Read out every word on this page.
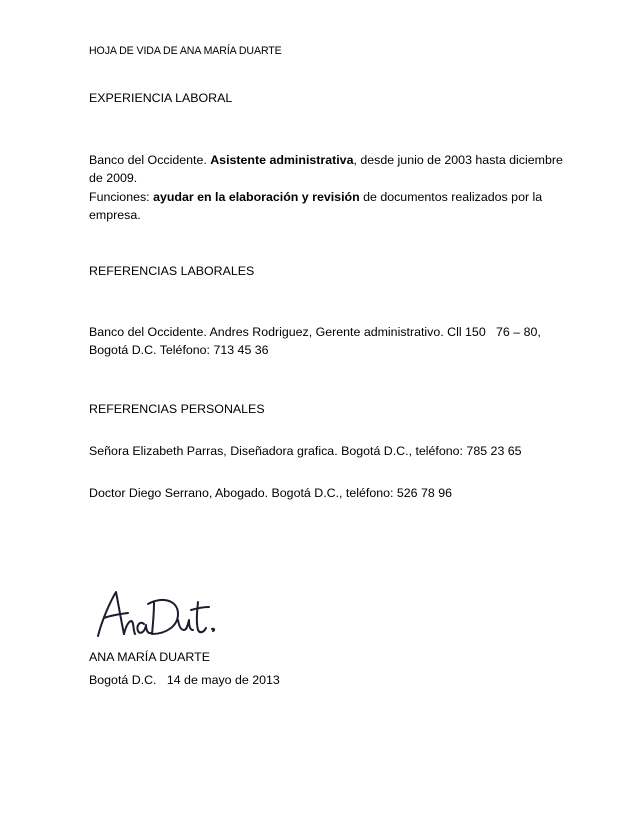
HOJA DE VIDA DE ANA MARÍA DUARTE
EXPERIENCIA LABORAL
Banco del Occidente. Asistente administrativa, desde junio de 2003 hasta diciembre de 2009.
Funciones: ayudar en la elaboración y revisión de documentos realizados por la empresa.
REFERENCIAS LABORALES
Banco del Occidente. Andres Rodriguez, Gerente administrativo. Cll 150   76 – 80,
Bogotá D.C. Teléfono: 713 45 36
REFERENCIAS PERSONALES
Señora Elizabeth Parras, Diseñadora grafica. Bogotá D.C., teléfono: 785 23 65
Doctor Diego Serrano, Abogado. Bogotá D.C., teléfono: 526 78 96
AnaDuart.
ANA MARÍA DUARTE
Bogotá D.C.   14 de mayo de 2013
